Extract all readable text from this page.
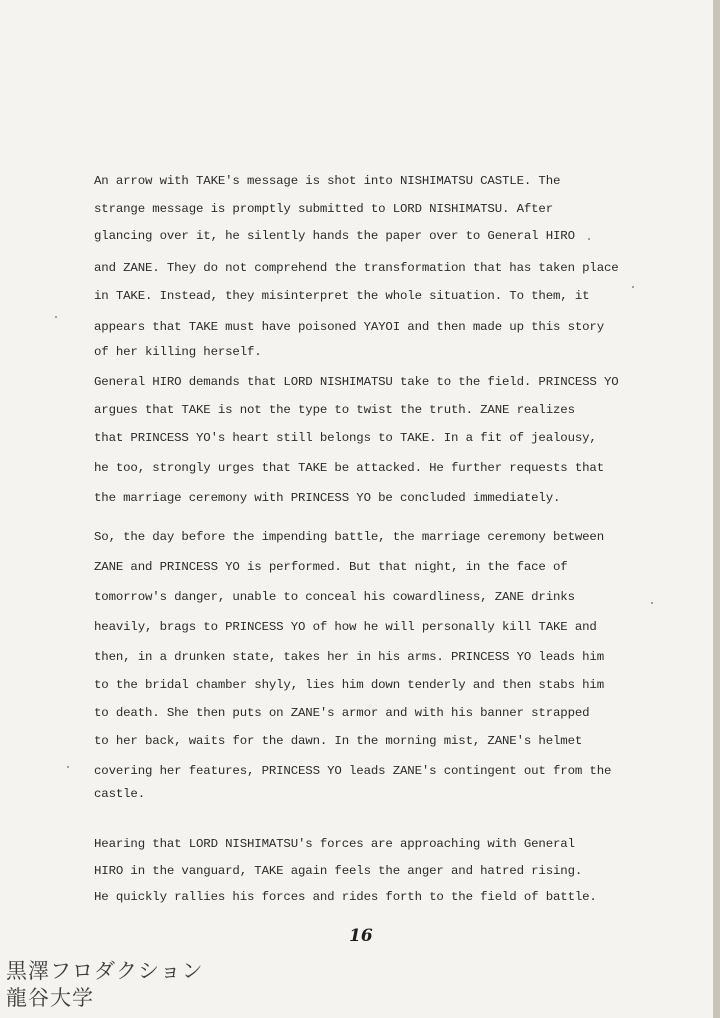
An arrow with TAKE's message is shot into NISHIMATSU CASTLE. The
strange message is promptly submitted to LORD NISHIMATSU. After
glancing over it, he silently hands the paper over to General HIRO
and ZANE. They do not comprehend the transformation that has taken place
in TAKE. Instead, they misinterpret the whole situation. To them, it
appears that TAKE must have poisoned YAYOI and then made up this story
of her killing herself.
General HIRO demands that LORD NISHIMATSU take to the field. PRINCESS YO
argues that TAKE is not the type to twist the truth. ZANE realizes
that PRINCESS YO's heart still belongs to TAKE. In a fit of jealousy,
he too, strongly urges that TAKE be attacked. He further requests that
the marriage ceremony with PRINCESS YO be concluded immediately.
So, the day before the impending battle, the marriage ceremony between
ZANE and PRINCESS YO is performed. But that night, in the face of
tomorrow's danger, unable to conceal his cowardliness, ZANE drinks
heavily, brags to PRINCESS YO of how he will personally kill TAKE and
then, in a drunken state, takes her in his arms. PRINCESS YO leads him
to the bridal chamber shyly, lies him down tenderly and then stabs him
to death. She then puts on ZANE's armor and with his banner strapped
to her back, waits for the dawn. In the morning mist, ZANE's helmet
covering her features, PRINCESS YO leads ZANE's contingent out from the
castle.
Hearing that LORD NISHIMATSU's forces are approaching with General
HIRO in the vanguard, TAKE again feels the anger and hatred rising.
He quickly rallies his forces and rides forth to the field of battle.
16
黒澤フロダクション
龍谷大学
